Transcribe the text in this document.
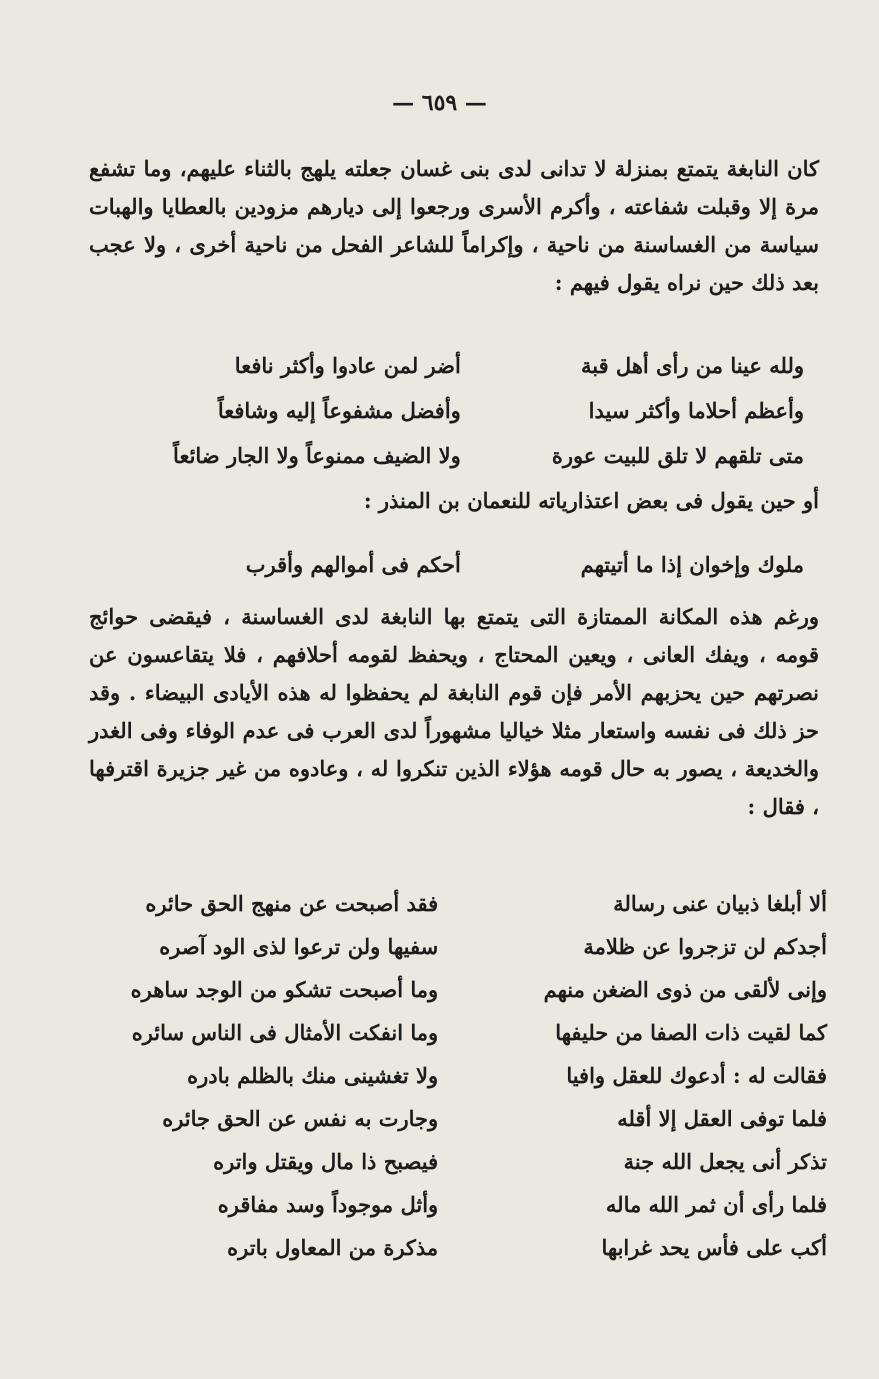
— ٦٥٩ —

كان النابغة يتمتع بمنزلة لا تدانى لدى بنى غسان جعلته يلهج بالثناء عليهم، وما تشفع مرة إلا وقبلت شفاعته ، وأكرم الأسرى ورجعوا إلى ديارهم مزودين بالعطايا والهبات سياسة من الغساسنة من ناحية ، وإكراماً للشاعر الفحل من ناحية أخرى ، ولا عجب بعد ذلك حين نراه يقول فيهم :

ولله عينا من رأى أهل قبة
أضر لمن عادوا وأكثر نافعا
وأعظم أحلاما وأكثر سيدا
وأفضل مشفوعاً إليه وشافعاً
متى تلقهم لا تلق للبيت عورة
ولا الضيف ممنوعاً ولا الجار ضائعاً
أو حين يقول فى بعض اعتذارياته للنعمان بن المنذر :
ملوك وإخوان إذا ما أتيتهم
أحكم فى أموالهم وأقرب

ورغم هذه المكانة الممتازة التى يتمتع بها النابغة لدى الغساسنة ، فيقضى حوائج قومه ، ويفك العانى ، ويعين المحتاج ، ويحفظ لقومه أحلافهم ، فلا يتقاعسون عن نصرتهم حين يحزبهم الأمر فإن قوم النابغة لم يحفظوا له هذه الأيادى البيضاء . وقد حز ذلك فى نفسه واستعار مثلا خياليا مشهوراً لدى العرب فى عدم الوفاء وفى الغدر والخديعة ، يصور به حال قومه هؤلاء الذين تنكروا له ، وعادوه من غير جزيرة اقترفها ، فقال :

ألا أبلغا ذبيان عنى رسالة
فقد أصبحت عن منهج الحق حائره
أجدكم لن تزجروا عن ظلامة
سفيها ولن ترعوا لذى الود آصره
وإنى لألقى من ذوى الضغن منهم
وما أصبحت تشكو من الوجد ساهره
كما لقيت ذات الصفا من حليفها
وما انفكت الأمثال فى الناس سائره
فقالت له : أدعوك للعقل وافيا
ولا تغشينى منك بالظلم بادره
فلما توفى العقل إلا أقله
وجارت به نفس عن الحق جائره
تذكر أنى يجعل الله جنة
فيصبح ذا مال ويقتل واتره
فلما رأى أن ثمر الله ماله
وأثل موجوداً وسد مفاقره
أكب على فأس يحد غرابها
مذكرة من المعاول باتره
